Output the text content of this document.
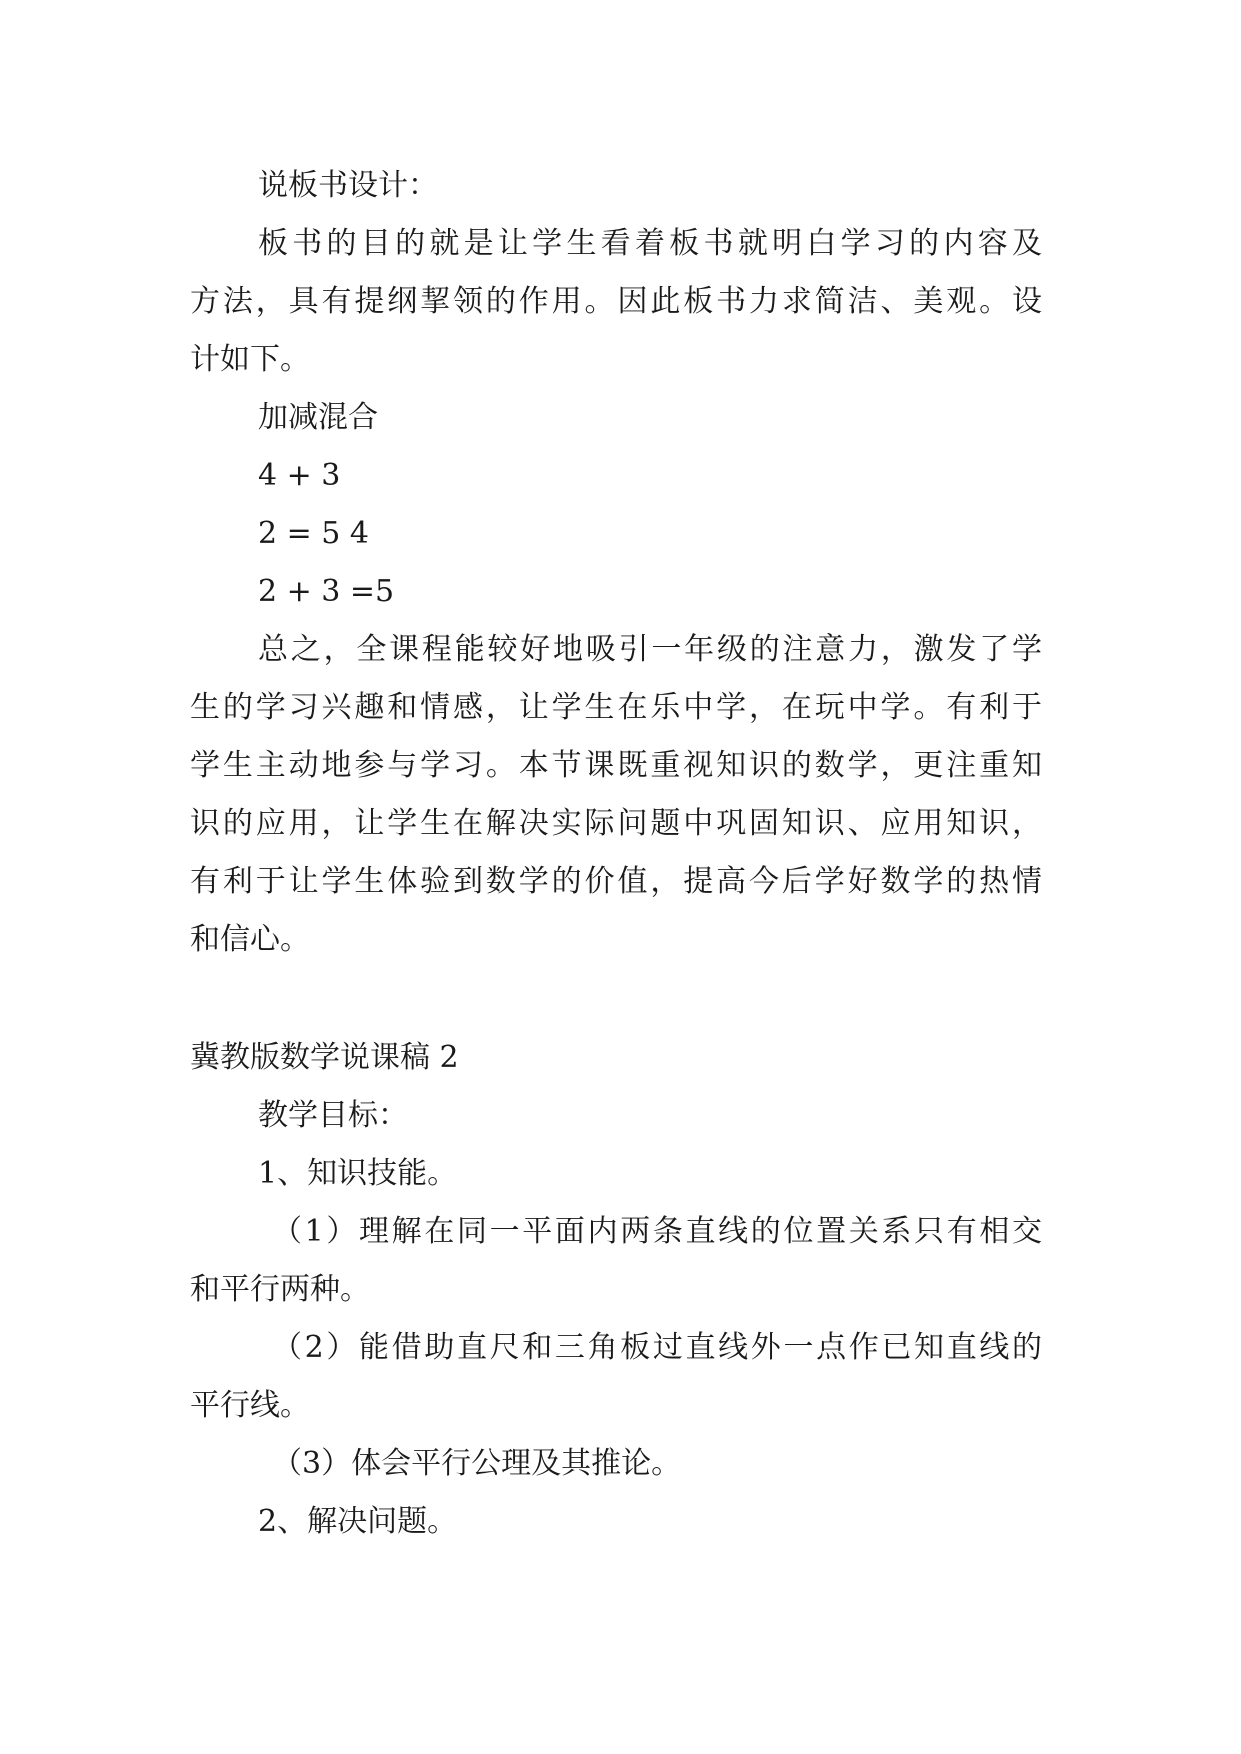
说板书设计：
板书的目的就是让学生看着板书就明白学习的内容及
方法，具有提纲挈领的作用。因此板书力求简洁、美观。设
计如下。
加减混合
4 + 3
2 = 5 4
2 + 3 =5
总之，全课程能较好地吸引一年级的注意力，激发了学
生的学习兴趣和情感，让学生在乐中学，在玩中学。有利于
学生主动地参与学习。本节课既重视知识的数学，更注重知
识的应用，让学生在解决实际问题中巩固知识、应用知识，
有利于让学生体验到数学的价值，提高今后学好数学的热情
和信心。
冀教版数学说课稿 2
教学目标：
1、知识技能。
（1）理解在同一平面内两条直线的位置关系只有相交
和平行两种。
（2）能借助直尺和三角板过直线外一点作已知直线的
平行线。
（3）体会平行公理及其推论。
2、解决问题。
